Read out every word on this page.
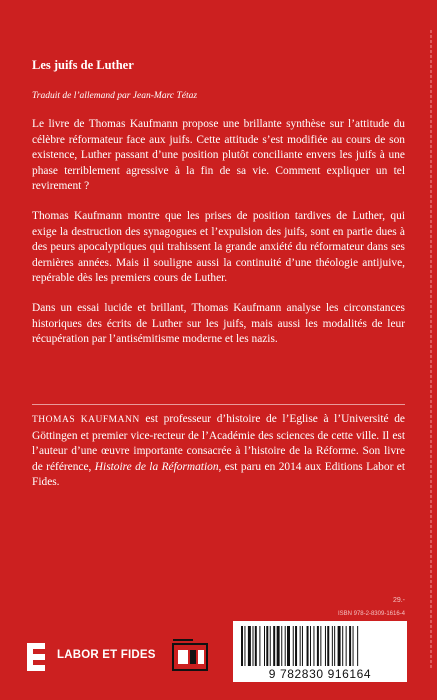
Les juifs de Luther
Traduit de l’allemand par Jean-Marc Tétaz

Le livre de Thomas Kaufmann propose une brillante synthèse sur l’attitude du célèbre réformateur face aux juifs. Cette attitude s’est modifiée au cours de son existence, Luther passant d’une position plutôt conciliante envers les juifs à une phase terriblement agressive à la fin de sa vie. Comment expliquer un tel revirement ?

Thomas Kaufmann montre que les prises de position tardives de Luther, qui exige la destruction des synagogues et l’expulsion des juifs, sont en partie dues à des peurs apocalyptiques qui trahissent la grande anxiété du réformateur dans ses dernières années. Mais il souligne aussi la continuité d’une théologie antijuive, repérable dès les premiers cours de Luther.

Dans un essai lucide et brillant, Thomas Kaufmann analyse les circonstances historiques des écrits de Luther sur les juifs, mais aussi les modalités de leur récupération par l’antisémitisme moderne et les nazis.

THOMAS KAUFMANN est professeur d’histoire de l’Eglise à l’Université de Göttingen et premier vice-recteur de l’Académie des sciences de cette ville. Il est l’auteur d’une œuvre importante consacrée à l’histoire de la Réforme. Son livre de référence, Histoire de la Réformation, est paru en 2014 aux Editions Labor et Fides.
29.-
ISBN 978-2-8309-1616-4
9 782830 916164
LABOR ET FIDES
